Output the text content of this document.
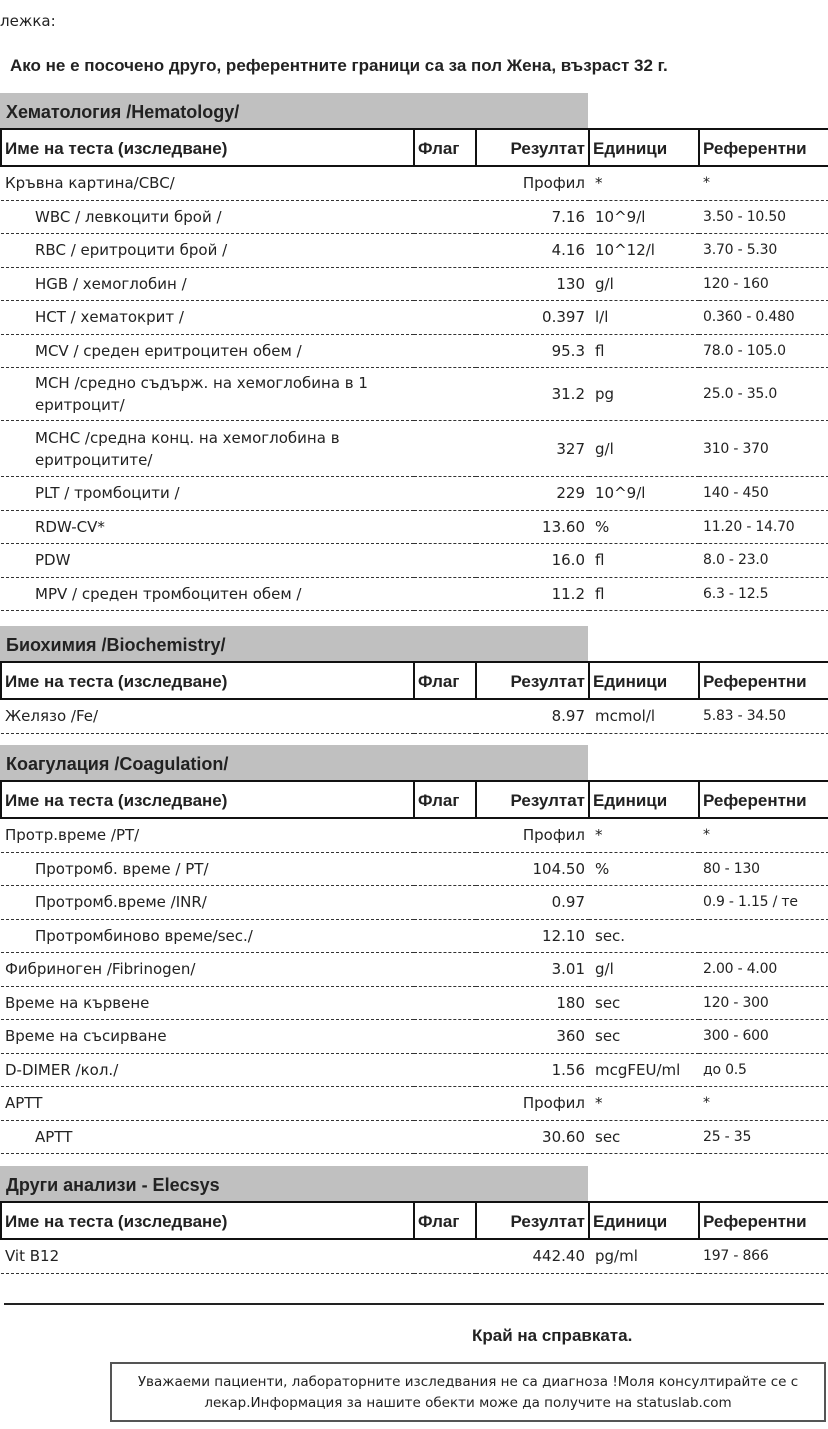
лежка:
Ако не е посочено друго, референтните граници са за пол Жена, възраст 32 г.
Хематология /Hematology/
Име на теста (изследване)	Флаг	Резултат	Единици	Референтни
Кръвна картина/CBC/		Профил	*	*
WBC / левкоцити брой /		7.16	10^9/l	3.50 - 10.50
RBC / еритроцити брой /		4.16	10^12/l	3.70 - 5.30
HGB / хемоглобин /		130	g/l	120 - 160
HCT / хематокрит /		0.397	l/l	0.360 - 0.480
MCV / среден еритроцитен обем /		95.3	fl	78.0 - 105.0
MCH /средно съдърж. на хемоглобина в 1 еритроцит/		31.2	pg	25.0 - 35.0
MCHC /средна конц. на хемоглобина в еритроцитите/		327	g/l	310 - 370
PLT / тромбоцити /		229	10^9/l	140 - 450
RDW-CV*		13.60	%	11.20 - 14.70
PDW		16.0	fl	8.0 - 23.0
MPV / среден тромбоцитен обем /		11.2	fl	6.3 - 12.5
Биохимия /Biochemistry/
Име на теста (изследване)	Флаг	Резултат	Единици	Референтни
Желязо /Fe/		8.97	mcmol/l	5.83 - 34.50
Коагулация /Coagulation/
Име на теста (изследване)	Флаг	Резултат	Единици	Референтни
Протр.време /PT/		Профил	*	*
Протромб. време / PT/		104.50	%	80 - 130
Протромб.време /INR/		0.97		0.9 - 1.15 / те
Протромбиново време/sec./		12.10	sec.	
Фибриноген /Fibrinogen/		3.01	g/l	2.00 - 4.00
Време на кървене		180	sec	120 - 300
Време на съсирване		360	sec	300 - 600
D-DIMER /кол./		1.56	mcgFEU/ml	до 0.5
APTT		Профил	*	*
APTT		30.60	sec	25 - 35
Други анализи - Elecsys
Име на теста (изследване)	Флаг	Резултат	Единици	Референтни
Vit B12		442.40	pg/ml	197 - 866
Край на справката.
Уважаеми пациенти, лабораторните изследвания не са диагноза !Моля консултирайте се с
лекар.Информация за нашите обекти може да получите на statuslab.com
